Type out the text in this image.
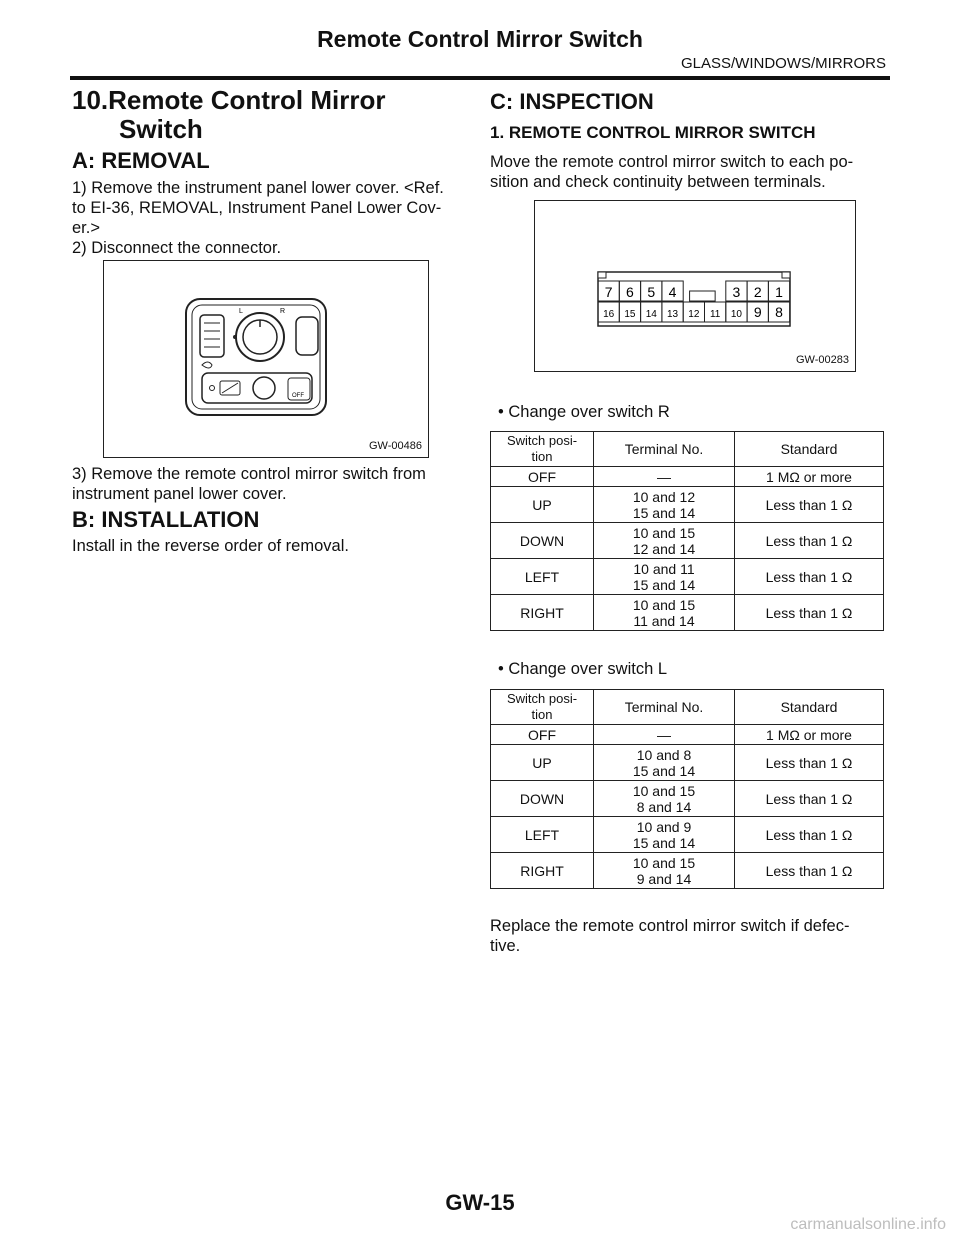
Remote Control Mirror Switch
GLASS/WINDOWS/MIRRORS
10.Remote Control Mirror
Switch
A: REMOVAL
1) Remove the instrument panel lower cover. <Ref.
to EI-36, REMOVAL, Instrument Panel Lower Cov-
er.>
2) Disconnect the connector.
L	R
OFF
GW-00486
3) Remove the remote control mirror switch from
instrument panel lower cover.
B: INSTALLATION
Install in the reverse order of removal.
C: INSPECTION
1. REMOTE CONTROL MIRROR SWITCH
Move the remote control mirror switch to each po-
sition and check continuity between terminals.
7 6 5 4	3 2 1
16 15 14 13 12 11 10 9 8
GW-00283
• Change over switch R
Switch posi-
tion	Terminal No.	Standard
OFF	—	1 MΩ or more
UP	10 and 12
15 and 14	Less than 1 Ω
DOWN	10 and 15
12 and 14	Less than 1 Ω
LEFT	10 and 11
15 and 14	Less than 1 Ω
RIGHT	10 and 15
11 and 14	Less than 1 Ω
• Change over switch L
Switch posi-
tion	Terminal No.	Standard
OFF	—	1 MΩ or more
UP	10 and 8
15 and 14	Less than 1 Ω
DOWN	10 and 15
8 and 14	Less than 1 Ω
LEFT	10 and 9
15 and 14	Less than 1 Ω
RIGHT	10 and 15
9 and 14	Less than 1 Ω
Replace the remote control mirror switch if defec-
tive.
GW-15
carmanualsonline.info
